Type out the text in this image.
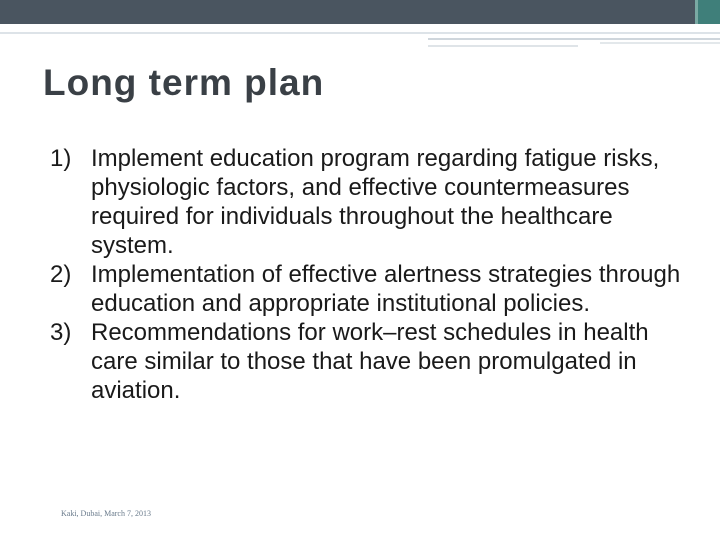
Long term plan
1) Implement education program regarding fatigue risks, physiologic factors, and effective countermeasures required for individuals throughout the healthcare system.
2) Implementation of effective alertness strategies through education and appropriate institutional policies.
3) Recommendations for work–rest schedules in health care similar to those that have been promulgated in aviation.
Kaki, Dubai, March 7, 2013
